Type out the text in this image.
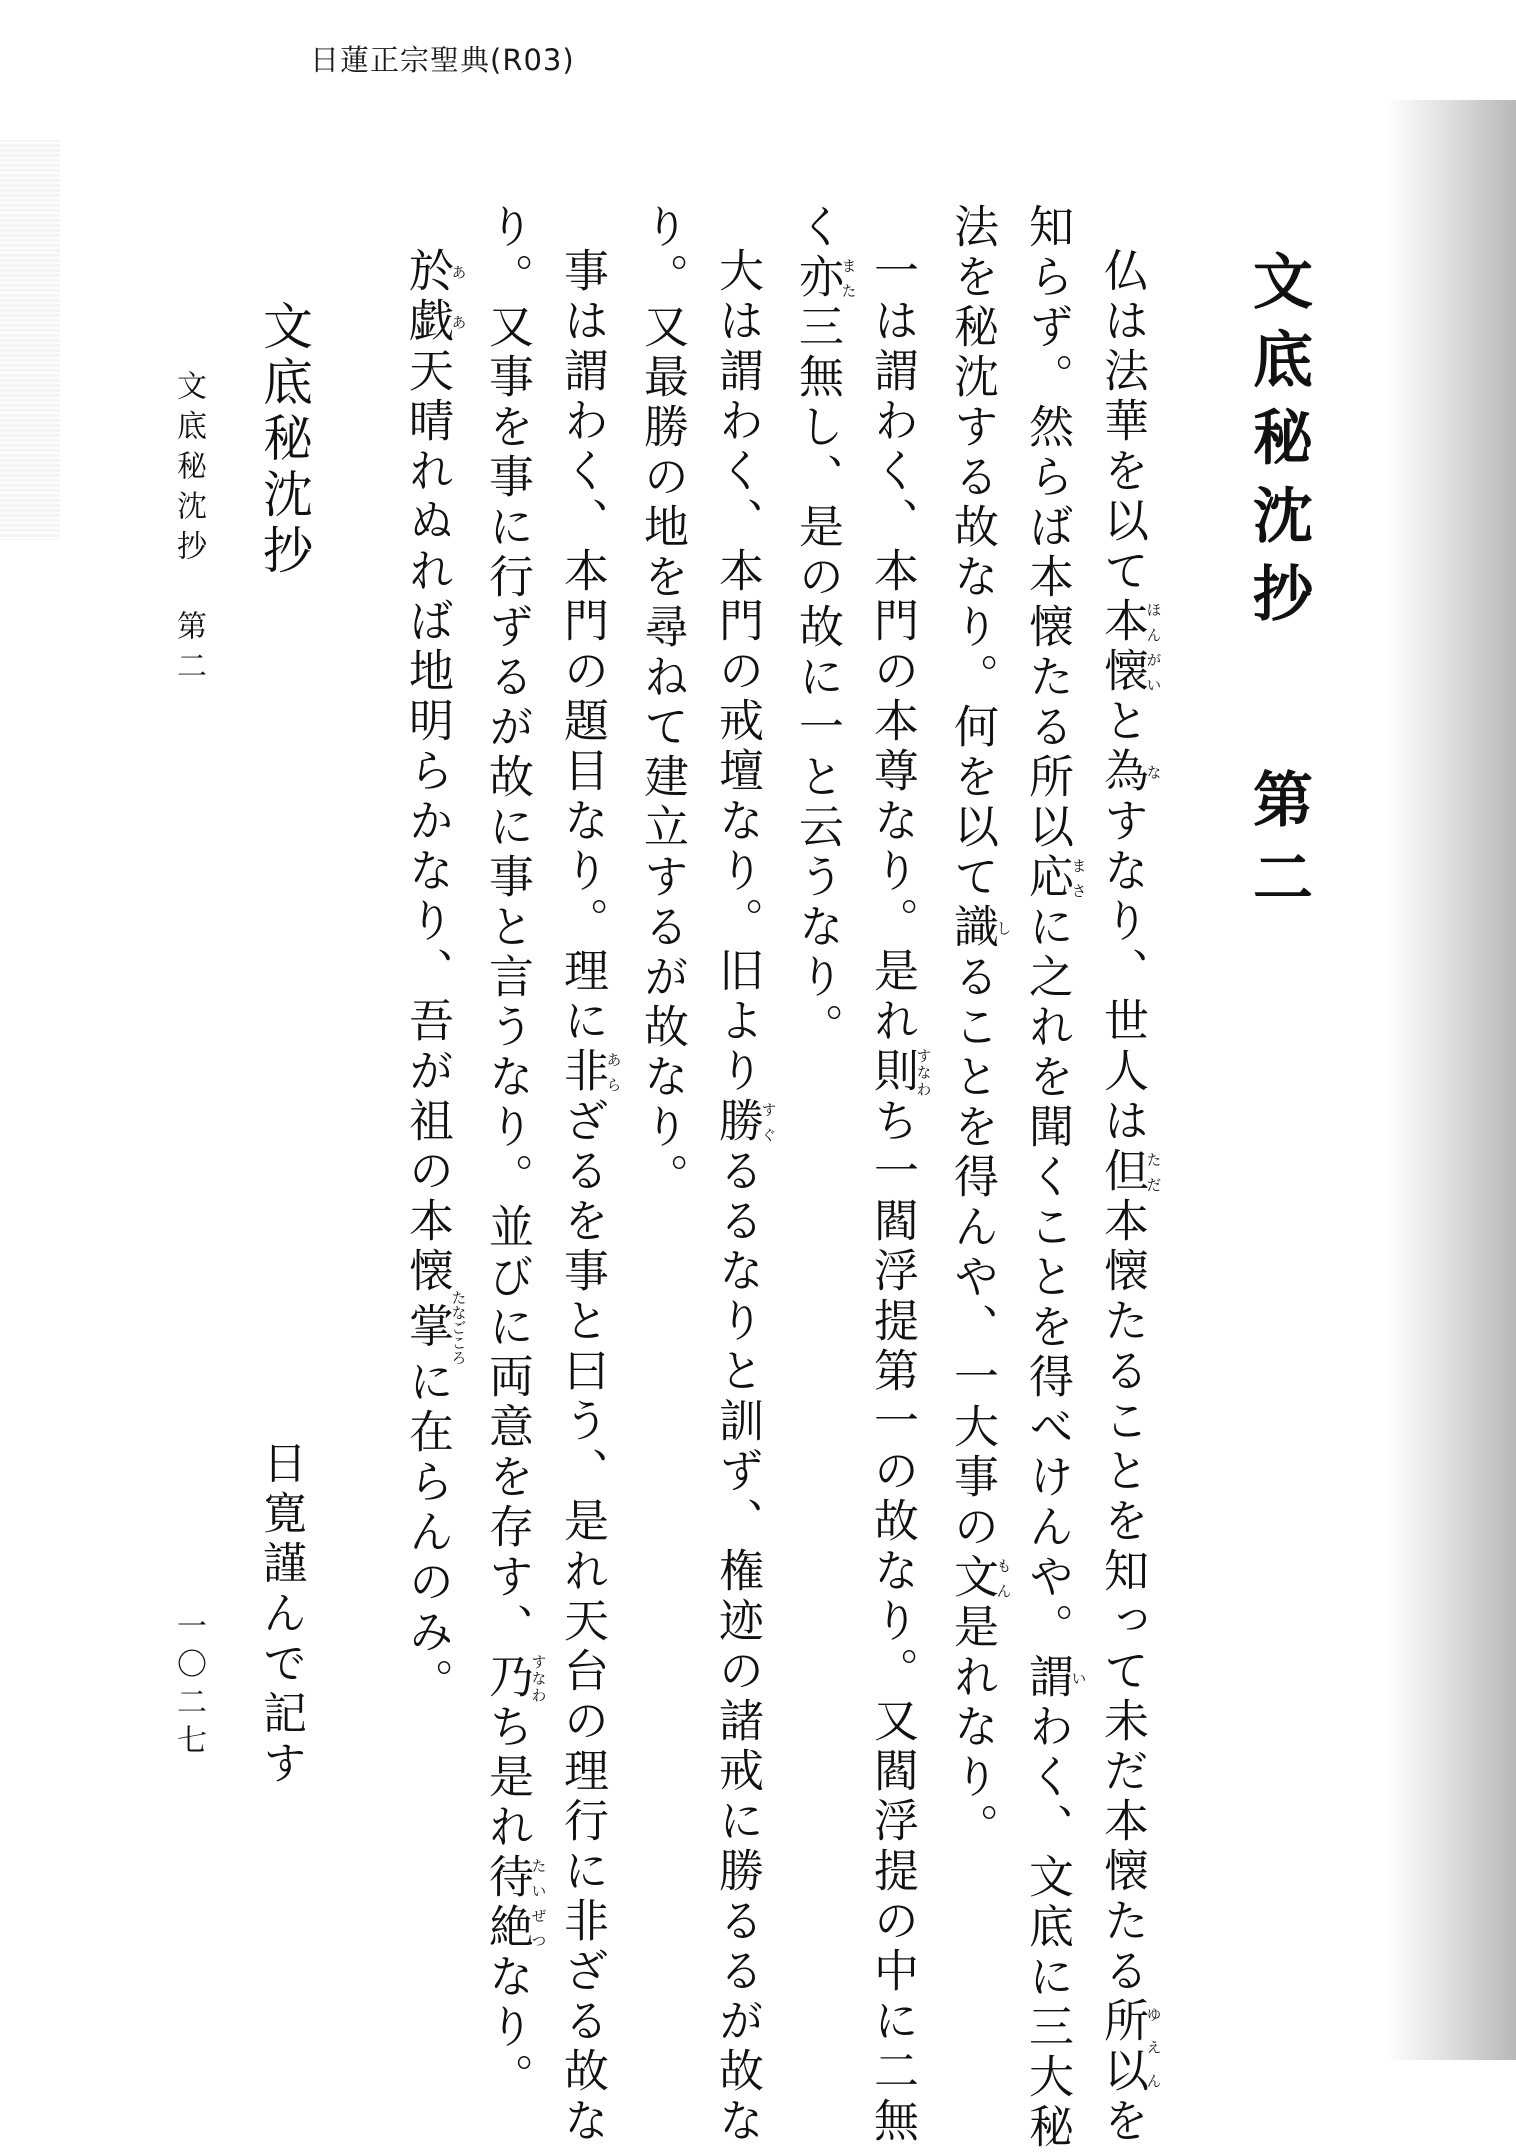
日蓮正宗聖典(R03)
文底秘沈抄 第二
仏は法華を以て本懐ほんがいと為なすなり、世人は但ただ本懐たることを知って未だ本懐たる所以ゆえんを
知らず。然らば本懐たる所以応まさに之れを聞くことを得べけんや。謂いわく、文底に三大秘
法を秘沈する故なり。何を以て識しることを得んや、一大事の文もん是れなり。
一は謂わく、本門の本尊なり。是れ則すなわち一閻浮提第一の故なり。又閻浮提の中に二無
く亦また三無し、是の故に一と云うなり。
大は謂わく、本門の戒壇なり。旧より勝すぐるるなりと訓ず、権迹の諸戒に勝るるが故な
り。又最勝の地を尋ねて建立するが故なり。
事は謂わく、本門の題目なり。理に非あらざるを事と曰う、是れ天台の理行に非ざる故な
り。又事を事に行ずるが故に事と言うなり。並びに両意を存す、乃すなわち是れ待絶たいぜつなり。
於あ戯あ天晴れぬれば地明らかなり、吾が祖の本懐掌たなごころに在らんのみ。
日寛謹んで記す
文底秘沈抄
文底秘沈抄　第二
一〇二七
